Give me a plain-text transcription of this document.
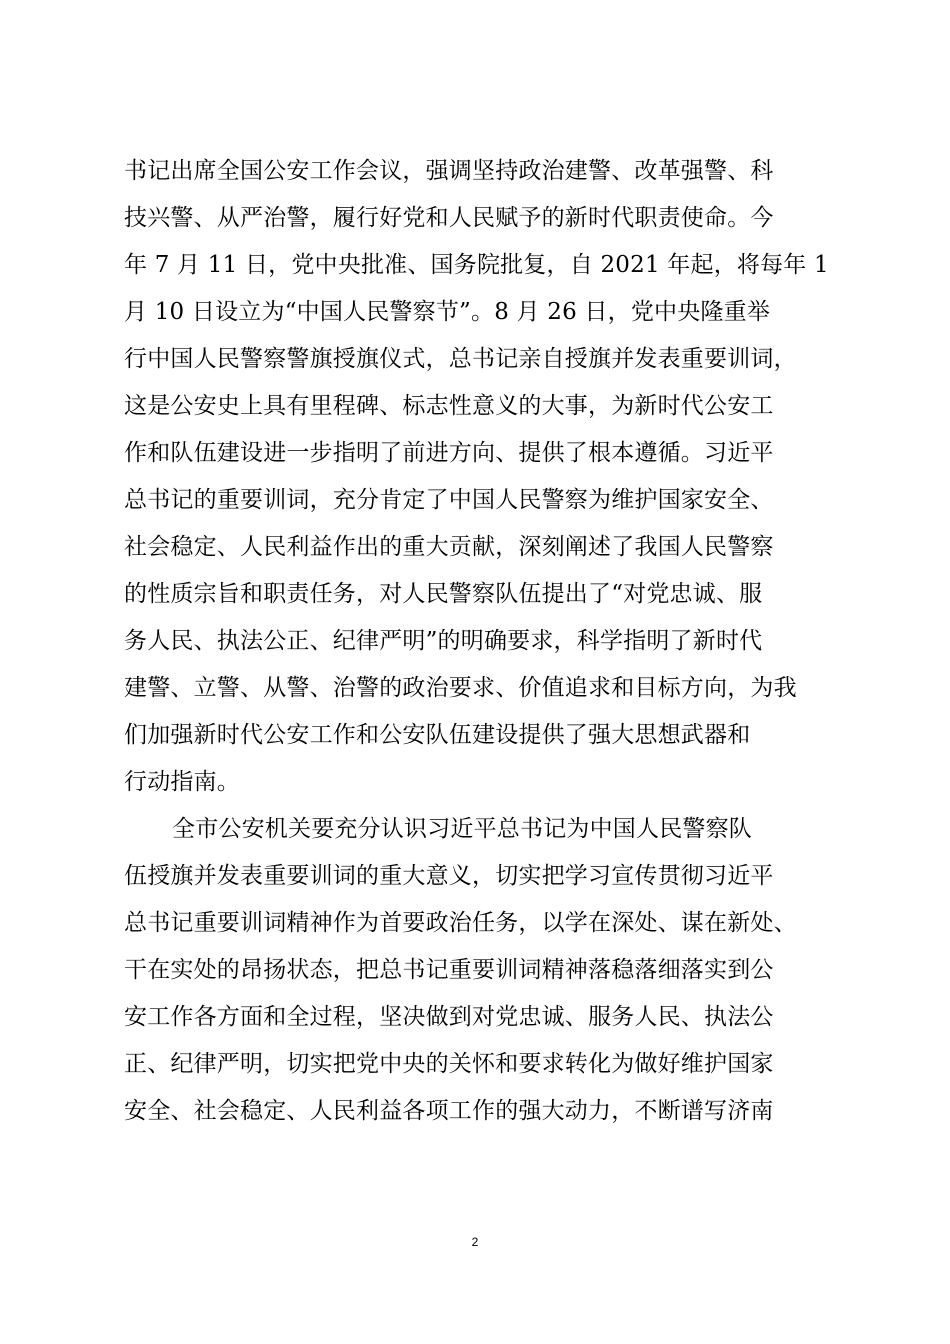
书记出席全国公安工作会议，强调坚持政治建警、改革强警、科
技兴警、从严治警，履行好党和人民赋予的新时代职责使命。今
年 7 月 11 日，党中央批准、国务院批复，自 2021 年起，将每年 1
月 10 日设立为“中国人民警察节”。8 月 26 日，党中央隆重举
行中国人民警察警旗授旗仪式，总书记亲自授旗并发表重要训词，
这是公安史上具有里程碑、标志性意义的大事，为新时代公安工
作和队伍建设进一步指明了前进方向、提供了根本遵循。习近平
总书记的重要训词，充分肯定了中国人民警察为维护国家安全、
社会稳定、人民利益作出的重大贡献，深刻阐述了我国人民警察
的性质宗旨和职责任务，对人民警察队伍提出了“对党忠诚、服
务人民、执法公正、纪律严明”的明确要求，科学指明了新时代
建警、立警、从警、治警的政治要求、价值追求和目标方向，为我
们加强新时代公安工作和公安队伍建设提供了强大思想武器和
行动指南。
全市公安机关要充分认识习近平总书记为中国人民警察队
伍授旗并发表重要训词的重大意义，切实把学习宣传贯彻习近平
总书记重要训词精神作为首要政治任务，以学在深处、谋在新处、
干在实处的昂扬状态，把总书记重要训词精神落稳落细落实到公
安工作各方面和全过程，坚决做到对党忠诚、服务人民、执法公
正、纪律严明，切实把党中央的关怀和要求转化为做好维护国家
安全、社会稳定、人民利益各项工作的强大动力，不断谱写济南
2
